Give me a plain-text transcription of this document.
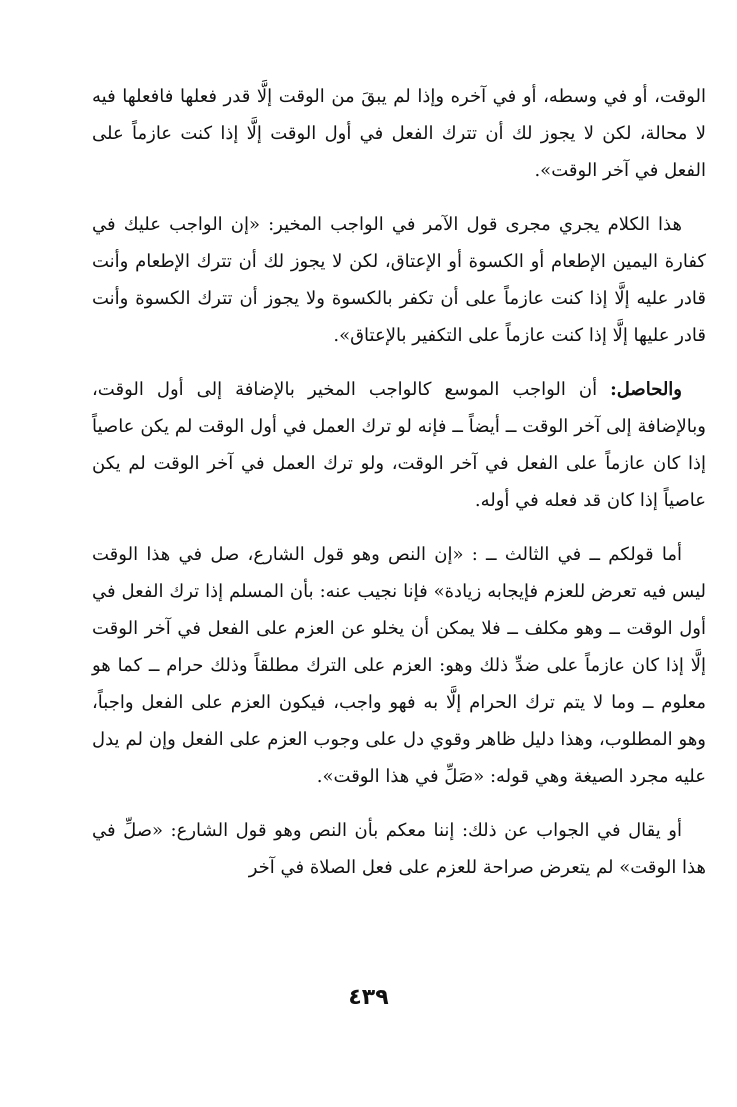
الوقت، أو في وسطه، أو في آخره وإذا لم يبقَ من الوقت إلَّا قدر فعلها فافعلها فيه لا محالة، لكن لا يجوز لك أن تترك الفعل في أول الوقت إلَّا إذا كنت عازماً على الفعل في آخر الوقت».

هذا الكلام يجري مجرى قول الآمر في الواجب المخير: «إن الواجب عليك في كفارة اليمين الإطعام أو الكسوة أو الإعتاق، لكن لا يجوز لك أن تترك الإطعام وأنت قادر عليه إلَّا إذا كنت عازماً على أن تكفر بالكسوة ولا يجوز أن تترك الكسوة وأنت قادر عليها إلَّا إذا كنت عازماً على التكفير بالإعتاق».

والحاصل: أن الواجب الموسع كالواجب المخير بالإضافة إلى أول الوقت، وبالإضافة إلى آخر الوقت ــ أيضاً ــ فإنه لو ترك العمل في أول الوقت لم يكن عاصياً إذا كان عازماً على الفعل في آخر الوقت، ولو ترك العمل في آخر الوقت لم يكن عاصياً إذا كان قد فعله في أوله.

أما قولكم ــ في الثالث ــ : «إن النص وهو قول الشارع، صل في هذا الوقت ليس فيه تعرض للعزم فإيجابه زيادة» فإنا نجيب عنه: بأن المسلم إذا ترك الفعل في أول الوقت ــ وهو مكلف ــ فلا يمكن أن يخلو عن العزم على الفعل في آخر الوقت إلَّا إذا كان عازماً على ضدِّ ذلك وهو: العزم على الترك مطلقاً وذلك حرام ــ كما هو معلوم ــ وما لا يتم ترك الحرام إلَّا به فهو واجب، فيكون العزم على الفعل واجباً، وهو المطلوب، وهذا دليل ظاهر وقوي دل على وجوب العزم على الفعل وإن لم يدل عليه مجرد الصيغة وهي قوله: «صَلِّ في هذا الوقت».

أو يقال في الجواب عن ذلك: إننا معكم بأن النص وهو قول الشارع: «صلِّ في هذا الوقت» لم يتعرض صراحة للعزم على فعل الصلاة في آخر

٤٣٩
